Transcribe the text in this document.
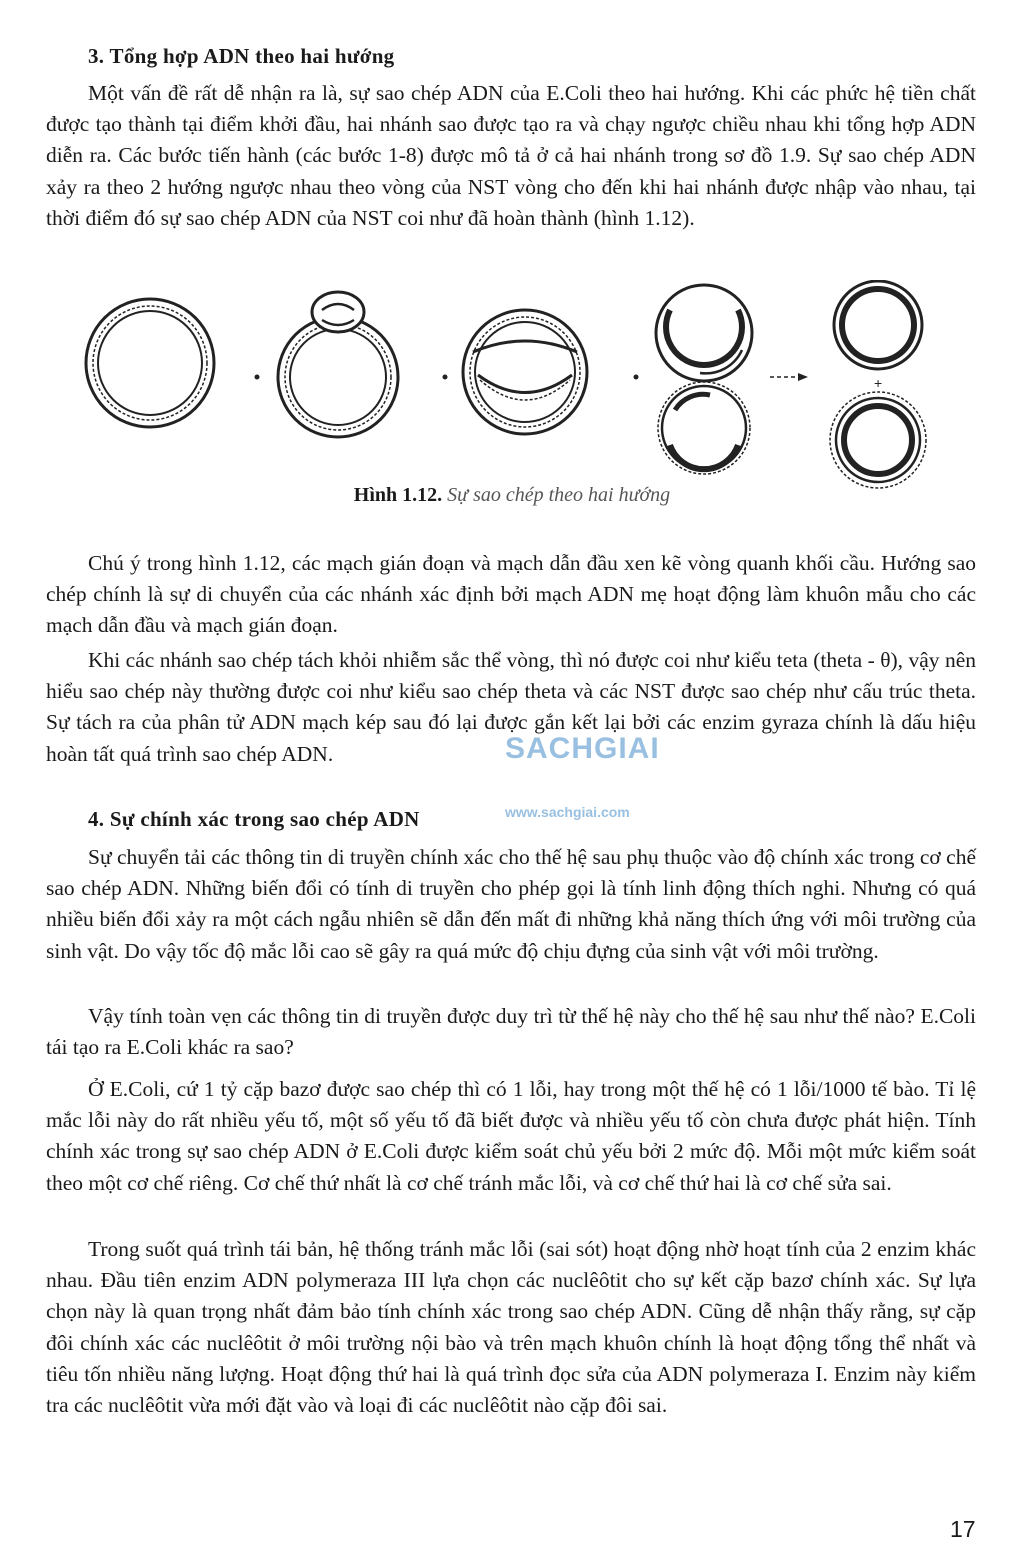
3. Tổng hợp ADN theo hai hướng

Một vấn đề rất dễ nhận ra là, sự sao chép ADN của E.Coli theo hai hướng. Khi các phức hệ tiền chất được tạo thành tại điểm khởi đầu, hai nhánh sao được tạo ra và chạy ngược chiều nhau khi tổng hợp ADN diễn ra. Các bước tiến hành (các bước 1-8) được mô tả ở cả hai nhánh trong sơ đồ 1.9. Sự sao chép ADN xảy ra theo 2 hướng ngược nhau theo vòng của NST vòng cho đến khi hai nhánh được nhập vào nhau, tại thời điểm đó sự sao chép ADN của NST coi như đã hoàn thành (hình 1.12).

+
Hình 1.12. Sự sao chép theo hai hướng

Chú ý trong hình 1.12, các mạch gián đoạn và mạch dẫn đầu xen kẽ vòng quanh khối cầu. Hướng sao chép chính là sự di chuyển của các nhánh xác định bởi mạch ADN mẹ hoạt động làm khuôn mẫu cho các mạch dẫn đầu và mạch gián đoạn.

Khi các nhánh sao chép tách khỏi nhiễm sắc thể vòng, thì nó được coi như kiểu teta (theta - θ), vậy nên hiểu sao chép này thường được coi như kiểu sao chép theta và các NST được sao chép như cấu trúc theta. Sự tách ra của phân tử ADN mạch kép sau đó lại được gắn kết lại bởi các enzim gyraza chính là dấu hiệu hoàn tất quá trình sao chép ADN.

4. Sự chính xác trong sao chép ADN

Sự chuyển tải các thông tin di truyền chính xác cho thế hệ sau phụ thuộc vào độ chính xác trong cơ chế sao chép ADN. Những biến đổi có tính di truyền cho phép gọi là tính linh động thích nghi. Nhưng có quá nhiều biến đổi xảy ra một cách ngẫu nhiên sẽ dẫn đến mất đi những khả năng thích ứng với môi trường của sinh vật. Do vậy tốc độ mắc lỗi cao sẽ gây ra quá mức độ chịu đựng của sinh vật với môi trường.

Vậy tính toàn vẹn các thông tin di truyền được duy trì từ thế hệ này cho thế hệ sau như thế nào? E.Coli tái tạo ra E.Coli khác ra sao?

Ở E.Coli, cứ 1 tỷ cặp bazơ được sao chép thì có 1 lỗi, hay trong một thế hệ có 1 lỗi/1000 tế bào. Tỉ lệ mắc lỗi này do rất nhiều yếu tố, một số yếu tố đã biết được và nhiều yếu tố còn chưa được phát hiện. Tính chính xác trong sự sao chép ADN ở E.Coli được kiểm soát chủ yếu bởi 2 mức độ. Mỗi một mức kiểm soát theo một cơ chế riêng. Cơ chế thứ nhất là cơ chế tránh mắc lỗi, và cơ chế thứ hai là cơ chế sửa sai.

Trong suốt quá trình tái bản, hệ thống tránh mắc lỗi (sai sót) hoạt động nhờ hoạt tính của 2 enzim khác nhau. Đầu tiên enzim ADN polymeraza III lựa chọn các nuclêôtit cho sự kết cặp bazơ chính xác. Sự lựa chọn này là quan trọng nhất đảm bảo tính chính xác trong sao chép ADN. Cũng dễ nhận thấy rằng, sự cặp đôi chính xác các nuclêôtit ở môi trường nội bào và trên mạch khuôn chính là hoạt động tổng thể nhất và tiêu tốn nhiều năng lượng. Hoạt động thứ hai là quá trình đọc sửa của ADN polymeraza I. Enzim này kiểm tra các nuclêôtit vừa mới đặt vào và loại đi các nuclêôtit nào cặp đôi sai.

SACHGIAI
www.sachgiai.com
17
